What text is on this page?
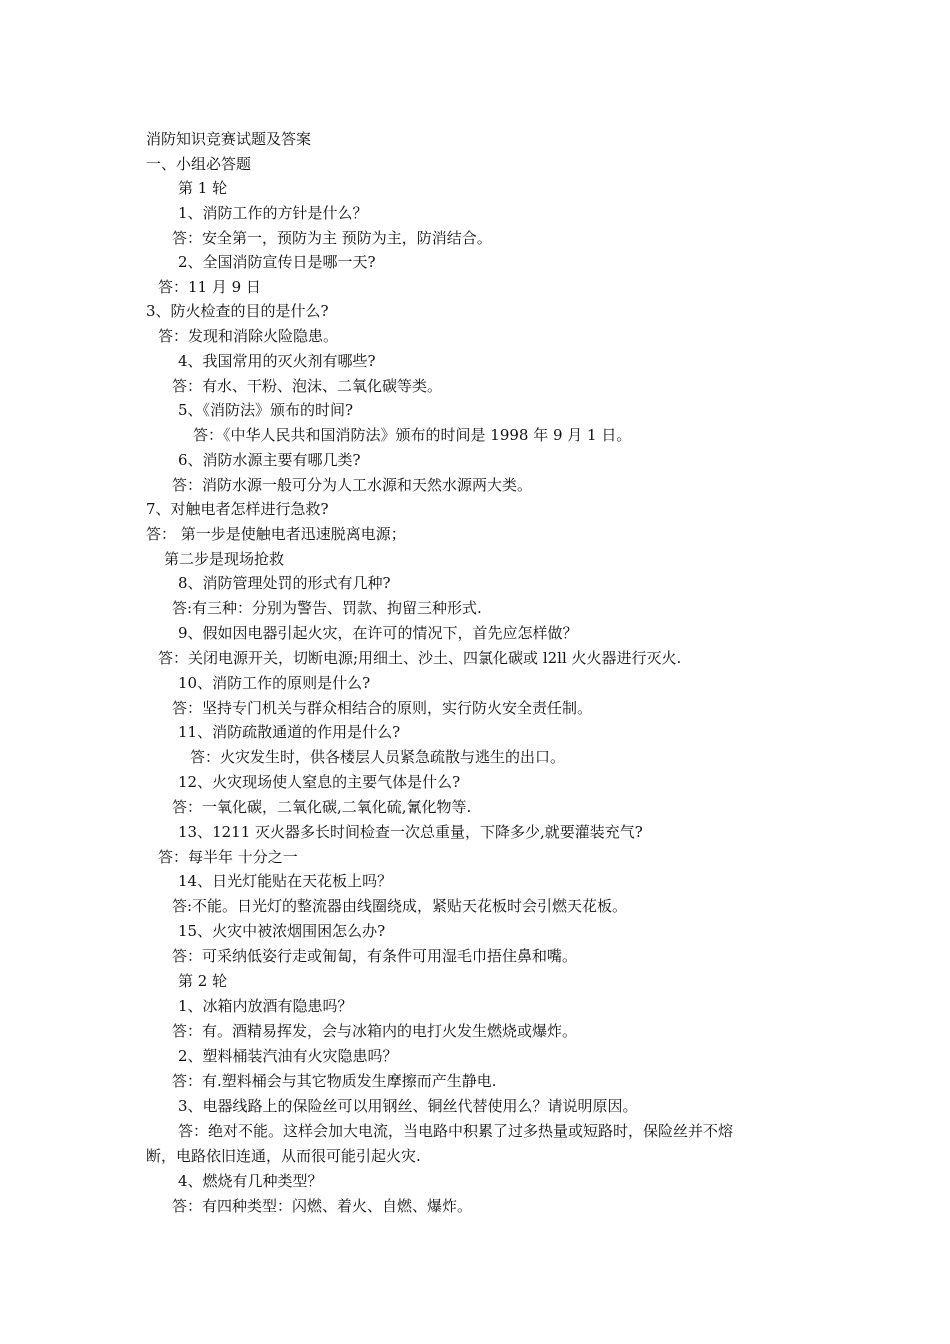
消防知识竞赛试题及答案
一、小组必答题
第 1 轮
1、消防工作的方针是什么？
答：安全第一，预防为主 预防为主，防消结合。
2、全国消防宣传日是哪一天?
答：11 月 9 日
3、防火检查的目的是什么?
答：发现和消除火险隐患。
4、我国常用的灭火剂有哪些?
答：有水、干粉、泡沫、二氧化碳等类。
5、《消防法》颁布的时间?
答：《中华人民共和国消防法》颁布的时间是 1998 年 9 月 1 日。
6、消防水源主要有哪几类?
答：消防水源一般可分为人工水源和天然水源两大类。
7、对触电者怎样进行急救?
答： 第一步是使触电者迅速脱离电源；
第二步是现场抢救
8、消防管理处罚的形式有几种?
答:有三种：分别为警告、罚款、拘留三种形式.
9、假如因电器引起火灾，在许可的情况下，首先应怎样做？
答：关闭电源开关，切断电源;用细土、沙土、四氯化碳或 l2ll 火火器进行灭火.
10、消防工作的原则是什么?
答：坚持专门机关与群众相结合的原则，实行防火安全责任制。
11、消防疏散通道的作用是什么?
答：火灾发生时，供各楼层人员紧急疏散与逃生的出口。
12、火灾现场使人窒息的主要气体是什么?
答：一氧化碳，二氧化碳,二氧化硫,氰化物等.
13、1211 灭火器多长时间检查一次总重量，下降多少,就要灌装充气?
答：每半年 十分之一
14、日光灯能贴在天花板上吗？
答:不能。日光灯的整流器由线圈绕成，紧贴天花板时会引燃天花板。
15、火灾中被浓烟围困怎么办?
答：可采纳低姿行走或匍匐，有条件可用湿毛巾捂住鼻和嘴。
第 2 轮
1、冰箱内放酒有隐患吗？
答：有。酒精易挥发，会与冰箱内的电打火发生燃烧或爆炸。
2、塑料桶装汽油有火灾隐患吗？
答：有.塑料桶会与其它物质发生摩擦而产生静电.
3、电器线路上的保险丝可以用钢丝、铜丝代替使用么？请说明原因。
答：绝对不能。这样会加大电流，当电路中积累了过多热量或短路时，保险丝并不熔
断，电路依旧连通，从而很可能引起火灾.
4、燃烧有几种类型？
答：有四种类型：闪燃、着火、自燃、爆炸。
